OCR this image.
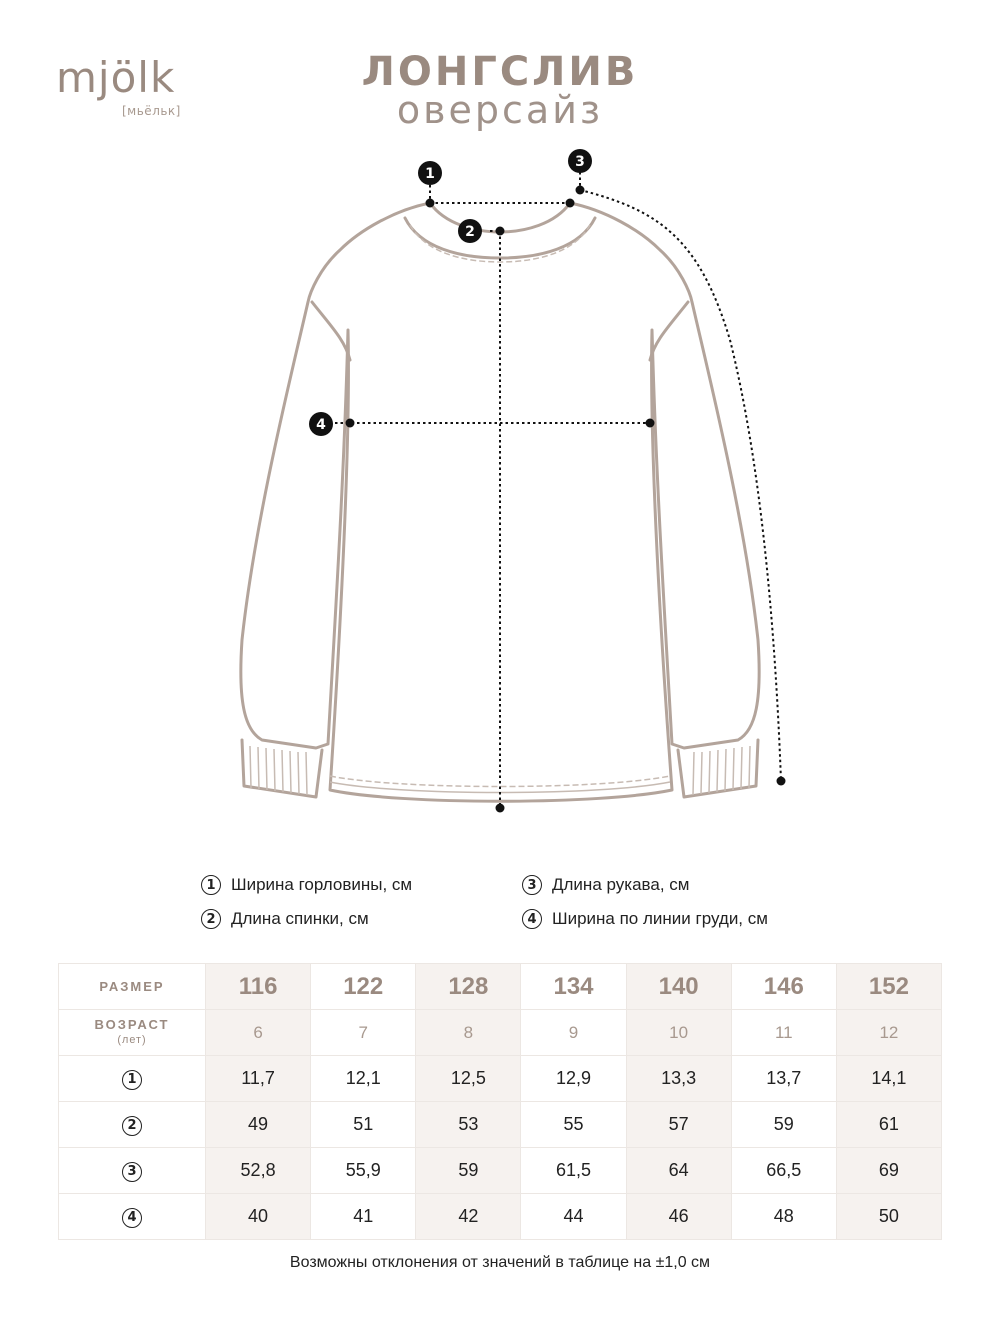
mjölk
[мьёльк]
ЛОНГСЛИВ
оверсайз
1
2
3
4
1 Ширина горловины, см	3 Длина рукава, см
2 Длина спинки, см	4 Ширина по линии груди, см
РАЗМЕР	116	122	128	134	140	146	152
ВОЗРАСТ
(лет)	6	7	8	9	10	11	12
1	11,7	12,1	12,5	12,9	13,3	13,7	14,1
2	49	51	53	55	57	59	61
3	52,8	55,9	59	61,5	64	66,5	69
4	40	41	42	44	46	48	50
Возможны отклонения от значений в таблице на ±1,0 см
